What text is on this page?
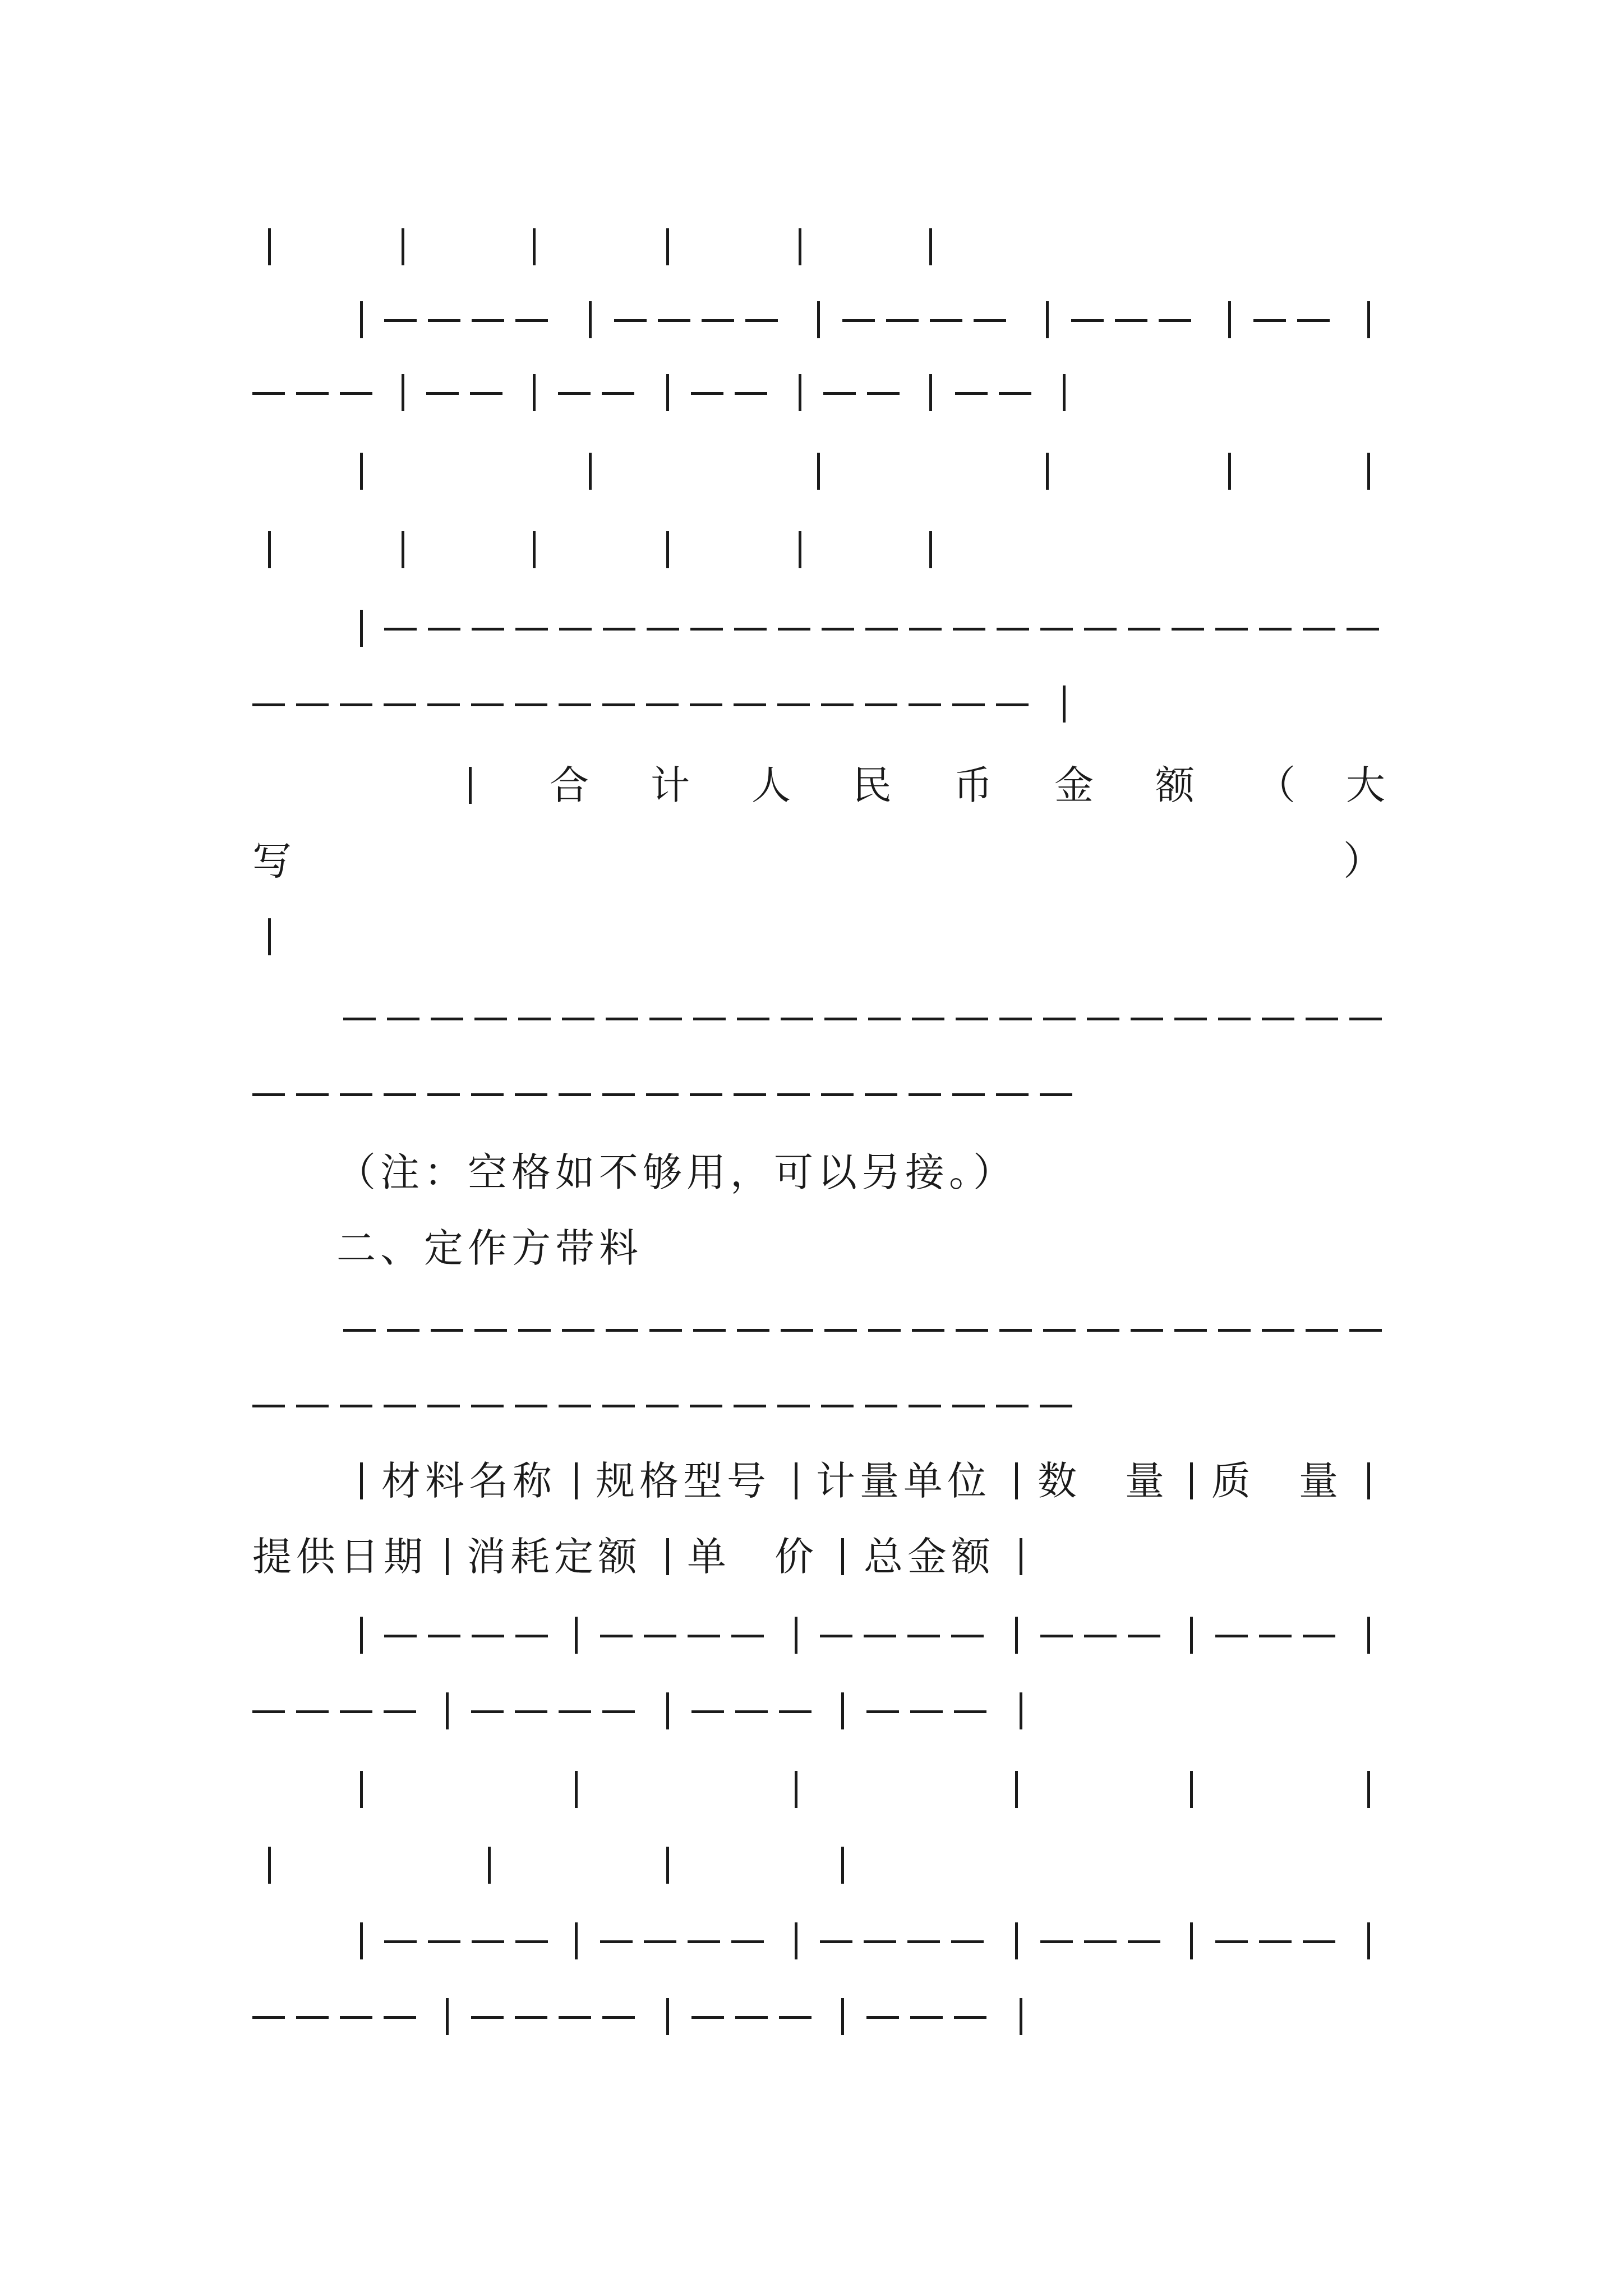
合 计 人 民 币 金 额 （ 大
写	）
（注：空格如不够用，可以另接。）
二、定作方带料
材料名称 规格型号 计量单位 数　量 质　量
提供日期 消耗定额 单　价 总金额
